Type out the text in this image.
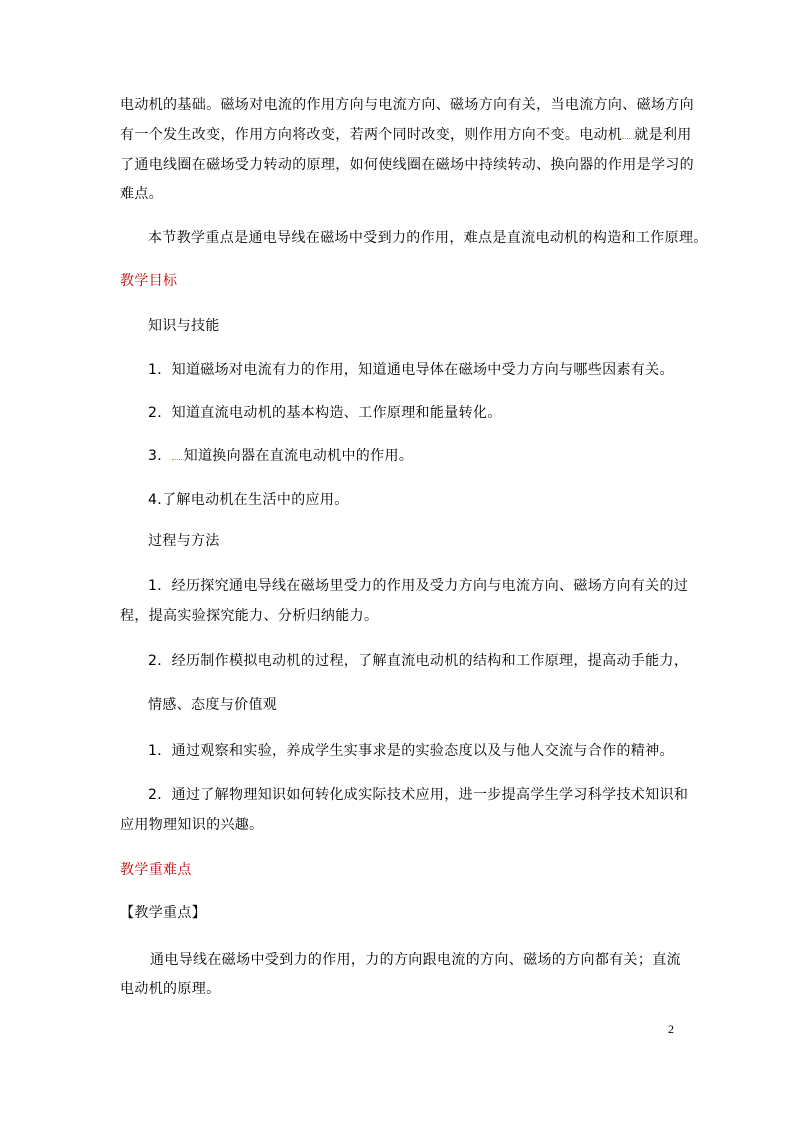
电动机的基础。磁场对电流的作用方向与电流方向、磁场方向有关，当电流方向、磁场方向
有一个发生改变，作用方向将改变，若两个同时改变，则作用方向不变。电动机 就是利用
了通电线圈在磁场受力转动的原理，如何使线圈在磁场中持续转动、换向器的作用是学习的
难点。
本节教学重点是通电导线在磁场中受到力的作用，难点是直流电动机的构造和工作原理。
教学目标
知识与技能
1．知道磁场对电流有力的作用，知道通电导体在磁场中受力方向与哪些因素有关。
2．知道直流电动机的基本构造、工作原理和能量转化。
3． 知道换向器在直流电动机中的作用。
4.了解电动机在生活中的应用。
过程与方法
1．经历探究通电导线在磁场里受力的作用及受力方向与电流方向、磁场方向有关的过
程，提高实验探究能力、分析归纳能力。
2．经历制作模拟电动机的过程，了解直流电动机的结构和工作原理，提高动手能力，
情感、态度与价值观
1．通过观察和实验，养成学生实事求是的实验态度以及与他人交流与合作的精神。
2．通过了解物理知识如何转化成实际技术应用，进一步提高学生学习科学技术知识和
应用物理知识的兴趣。
教学重难点
【教学重点】
通电导线在磁场中受到力的作用，力的方向跟电流的方向、磁场的方向都有关；直流
电动机的原理。
2
